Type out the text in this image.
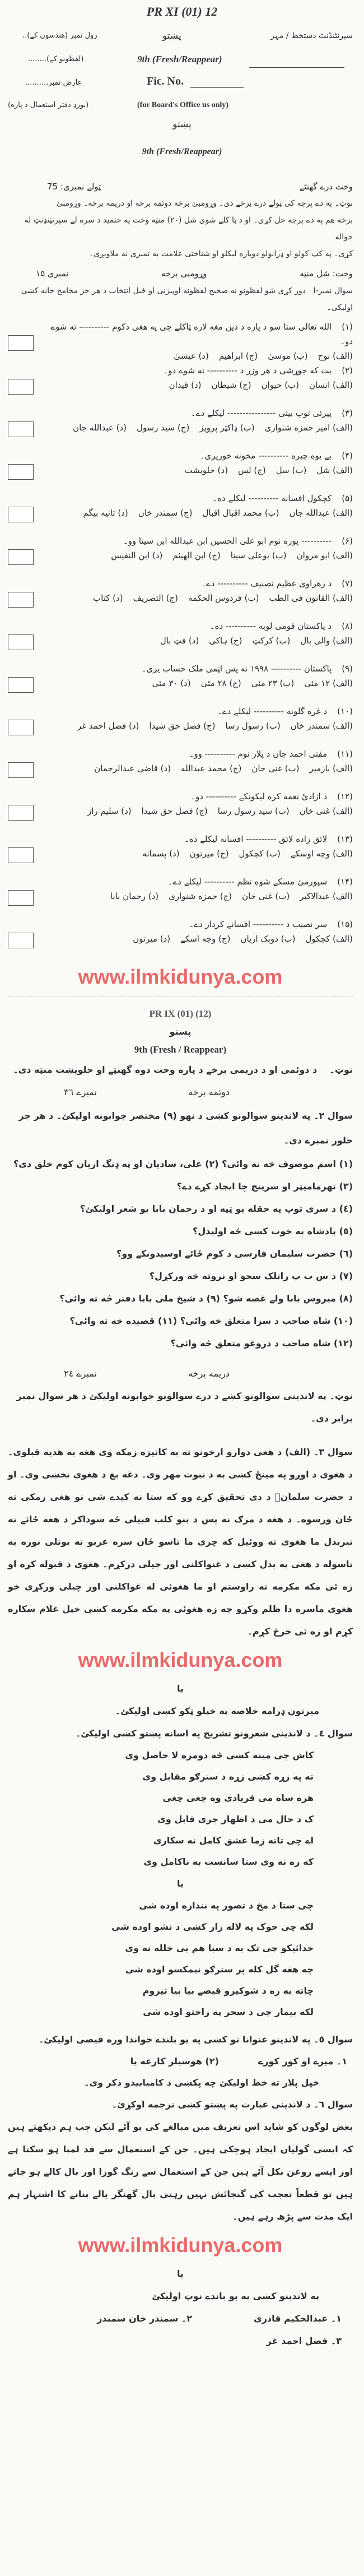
PR XI (01) 12
سپرنٹنڈنٹ دستخط / مہر
پښتو
9th (Fresh/Reappear)
Fic. No.
(for Board's Office us only)
رول نمبر (هندسوں کے)..
(لفظونو کے)........
عارض نمبر..........
(بورډ دفتر استعمال د پاره)
پښتو
9th (Fresh/Reappear)
وخت درے گھنٹے
ټولے نمبری: 75
نوټ۔ په دے پرچه کی ټولے درے برخے دی۔ وړومبئ برخه دوئمه برخه او دریمه برخه۔ وړومبئ
برخه هم په دے پرچه حل کړی۔ او د ټا کلے شوی شل (۲۰) منټه وخت په ختمید د سره لے سپرنټنډنټ له حواله
کړی۔ په کټ کولو او ډرانولو دوباره لیکلو او شناختی علامت به نمبری نه ملاویږی۔
وخت: شل منټه
وړومبی برخه
نمبری ۱۵
سوال نمبر-I   دور کړی شو لفظونو نه صحیح لفظونه اوپیژنی او ځیل انتخاب د هر جز مخامخ خانه کښی اولیکی۔
(۱)الله تعالی ستا سو د پاره د دین مغه لاره ټاکلے چی په هغی دکوم ---------- ته شوے دو۔
(الف) نوح
(ب) موسیٰ
(ج) ابراهیم
(د) عیسیٰ
(۲)بت که جوړشی د هر وزر د ---------- ته شوے دو۔
(الف) انسان
(ب) حیوان
(ج) شیطان
(د) قیدان
(۳)پیرئی توپ بیتی ---------------- لیکلے دے۔
(الف) امیر حمزه شنواری
(ب) ډاکټر پرویز
(ج) سید رسول
(د) عبدالله جان
(۴)بے یوه چیره ---------- مخونه خوریږی۔
(الف) شل
(ب) سل
(ج) لس
(د) حلویشت
(۵)کچکول افسانه ---------- لیکلے ده۔
(الف) عبدالله جان
(ب) محمد اقبال اقبال
(ج) سمندر خان
(د) ثانیه بیگم
(۶)---------- پوره نوم ابو علی الحسین ابن عبدالله ابن سینا وو۔
(الف) ابو مروان
(ب) بوعلی سینا
(ج) ابن الهیثم
(د) ابن النفیس
(۷)د زهراوی عظیم تصنیف ---------- دے۔
(الف) القانون فی الطب
(ب) فردوس الحکمه
(ج) التصریف
(د) کتاب
(۸)د پاکستان قومی لوبه ---------- ده۔
(الف) والی بال
(ب) کرکټ
(ج) ہاکی
(د) فټ بال
(۹)پاکستان ---------- ۱۹۹۸ نه پس اټمی ملک حساب یږی۔
(الف) ۱۲ مئی
(ب) ۲۳ مئی
(ج) ۲۸ مئی
(د) ۳۰ مئی
(۱۰)د غره گلونه ---------- لیکلے دے۔
(الف) سمندر خان
(ب) رسول رسا
(ج) فضل حق شیدا
(د) فضل احمد غر
(۱۱)مفتی احمد جان د پلار نوم ---------- وو۔
(الف) بازمیر
(ب) غنی خان
(ج) محمد عبدالله
(د) قاضی عبدالرحمان
(۱۲)د ازادئ نغمه کره لیکونکے ---------- دو۔
(الف) غنی خان
(ب) سید رسول رسا
(ج) فضل حق شیدا
(د) سلیم راز
(۱۳)لائق زاده لائق ---------- افسانه لیکلے ده۔
(الف) وچه اوسکے
(ب) کچکول
(ج) میرتون
(د) پسمانه
(۱۴)سپوږمئ مسکے شوه نظم ---------- لیکلے دے۔
(الف) عبدالاکبر
(ب) غنی خان
(ج) حمزه شنواری
(د) رحمان بابا
(۱۵)سر نصیب د ---------- افسانے کردار دے۔
(الف) کچکول
(ب) دوبک اریان
(ج) وچه اسکے
(د) میرتون
www.ilmkidunya.com
PR IX (01) (12)
پستو
9th (Fresh / Reappear)
نوټ۔    د دوئمی او د دریمی برخے د پاره وخت دوه گهنټے او حلویښت منټه دی۔
دوئمه برخه
نمبرے ۳٦
سوال ۲۔ په لاندینو سوالونو کښی د نهو (۹) مختصر جوابونه اولیکئ۔ د هر جز حلور نمبرے دی۔
(۱) اسم موصوف څه ته وائی؟ (۲) علی، سادیان او په ډنگ اریان کوم خلق دی؟
(۳) تهرمامیټر او سرینج چا ایجاد کړے دے؟
(٤) د سری توپ په حقله یو ټپه او د رحمان بابا یو شعر اولیکئ؟
(٥) بادشاه په خوب کښی څه اولیدل؟
(٦) حضرت سلیمان فارسی د کوم ځائے اوسیدونکے وو؟
(٧) د س ب پ راتلک سحو او نروته څه ورکړل؟
(٨) میروس بابا ولے غصه شو؟ (۹) د شیخ ملی بابا دفتر څه ته وائی؟
(۱۰) شاه صاحب د سزا متعلق څه وائی؟ (۱۱) قصیده څه ته وائی؟
(۱۲) شاه صاحب د دروغو متعلق څه وائی؟
دریمه برخه
نمبرے ۲٤
نوټ۔ په لاندینی سوالونو کښے د درے سوالونو جوابونه اولیکئ د هر سوال نمبر برابر دی۔
سوال ۳۔ (الف) د هغی دوارو ارخونو ته به کانیزه زمکه وی هغه به هدیه قبلوی۔ د هغوی د اوږو په مینځ کښی به د نبوت مهر وی۔ دغه بغ د هغوی نخښی وی۔ او د حضرت سلمانؓ د دی تحقیق کړے وو که ستا نه کیدے شی نو هغی زمکی ته ځان ورسوه۔ د هغه د مرګ نه پس د بنو کلب قبیلی څه سوداګر د هغه ځائے نه تیریدل ما هغوی ته ووئیل که چری ما تاسو ځان سره عربو ته بوتلی نوزه به تاسوله د هغی په بدل کښی د غنواکلنی اور چیلی درکړم۔ هغوی د قبوله کړه او زه ئی مکه مکرمه ته راوستم او ما هغوئی له غواکلنی اور چیلی ورکړی خو هغوی ماسره دا ظلم وکړو چه زه هغوئی په مکه مکرمه کښی خپل غلام سکاره کړم او زه ئی خرڅ کړم۔
www.ilmkidunya.com
یا
میرتون ډرامه خلاصه په خپلو ټکو کښی اولیکئ۔
سوال ٤۔ د لاندینی شعرونو تشریح په اسانه پښتو کښی اولیکئ۔
کاش چی مینه کښی څه دومره لا حاصل وی
ته په زړه کښی زړه د سترګو مقابل وی
هره ساه می فریادی وه چغی چغی
ک د حال می د اظهار چری قابل وی
اے چی تاته زما عشق کامل نه سکاری
که زه نه وی ستا سانست به ناکامل وی
یا
چی ستا د مخ د تصور په ننداره اوده شی
لکه چی حوک په لاله زار کښی د نشو اوده شی
خدائیکو چی تک به د سبا هم بی خلله نه وی
چه هغه گل کله پر سترګو نیمکسو اوده شی
چاته به زه د شوکیرو قیصے بیا بیا تیروم
لکه بیمار چی د سحر په راختو اوده شی
سوال ٥۔ په لاندینو عنوانا تو کښی په یو بلندے خواندا وره قیصی اولیکئ۔
۱۔ میرے او کور کورے
(۲) هوسیلر کارغه یا
خپل پلار ته خط اولیکئ چه پکښی د کامیابیدو ذکر وی۔
سوال ٦۔ د لاندینی عبارت په پښتو کښی ترجمه اوکړئ۔
بعض لوگوں کو شاید اس تعریف میں مبالغے کی بو آئے لیکن جب ہم دیکھتے ہیں کہ ایسی گولیاں ایجاد ہوچکی ہیں۔ جن کے استعمال سے قد لمبا ہو سکتا ہے اور ایسے روغن نکل آئے ہیں جن کے استعمال سے رنگ گورا اور بال کالے ہو جاتے ہیں تو قطعاً تعجب کی گنجائش نہیں رہتی بال گھنگر یالے بنانے کا اشتہار ہم ایک مدت سے پڑھ رہے ہیں۔
www.ilmkidunya.com
یا
په لاندینو کښی په یو باندے نوټ اولیکئ
۱۔ عبدالحکیم قادری
۲۔ سمندر خان سمندر
۳۔ فضل احمد غر
